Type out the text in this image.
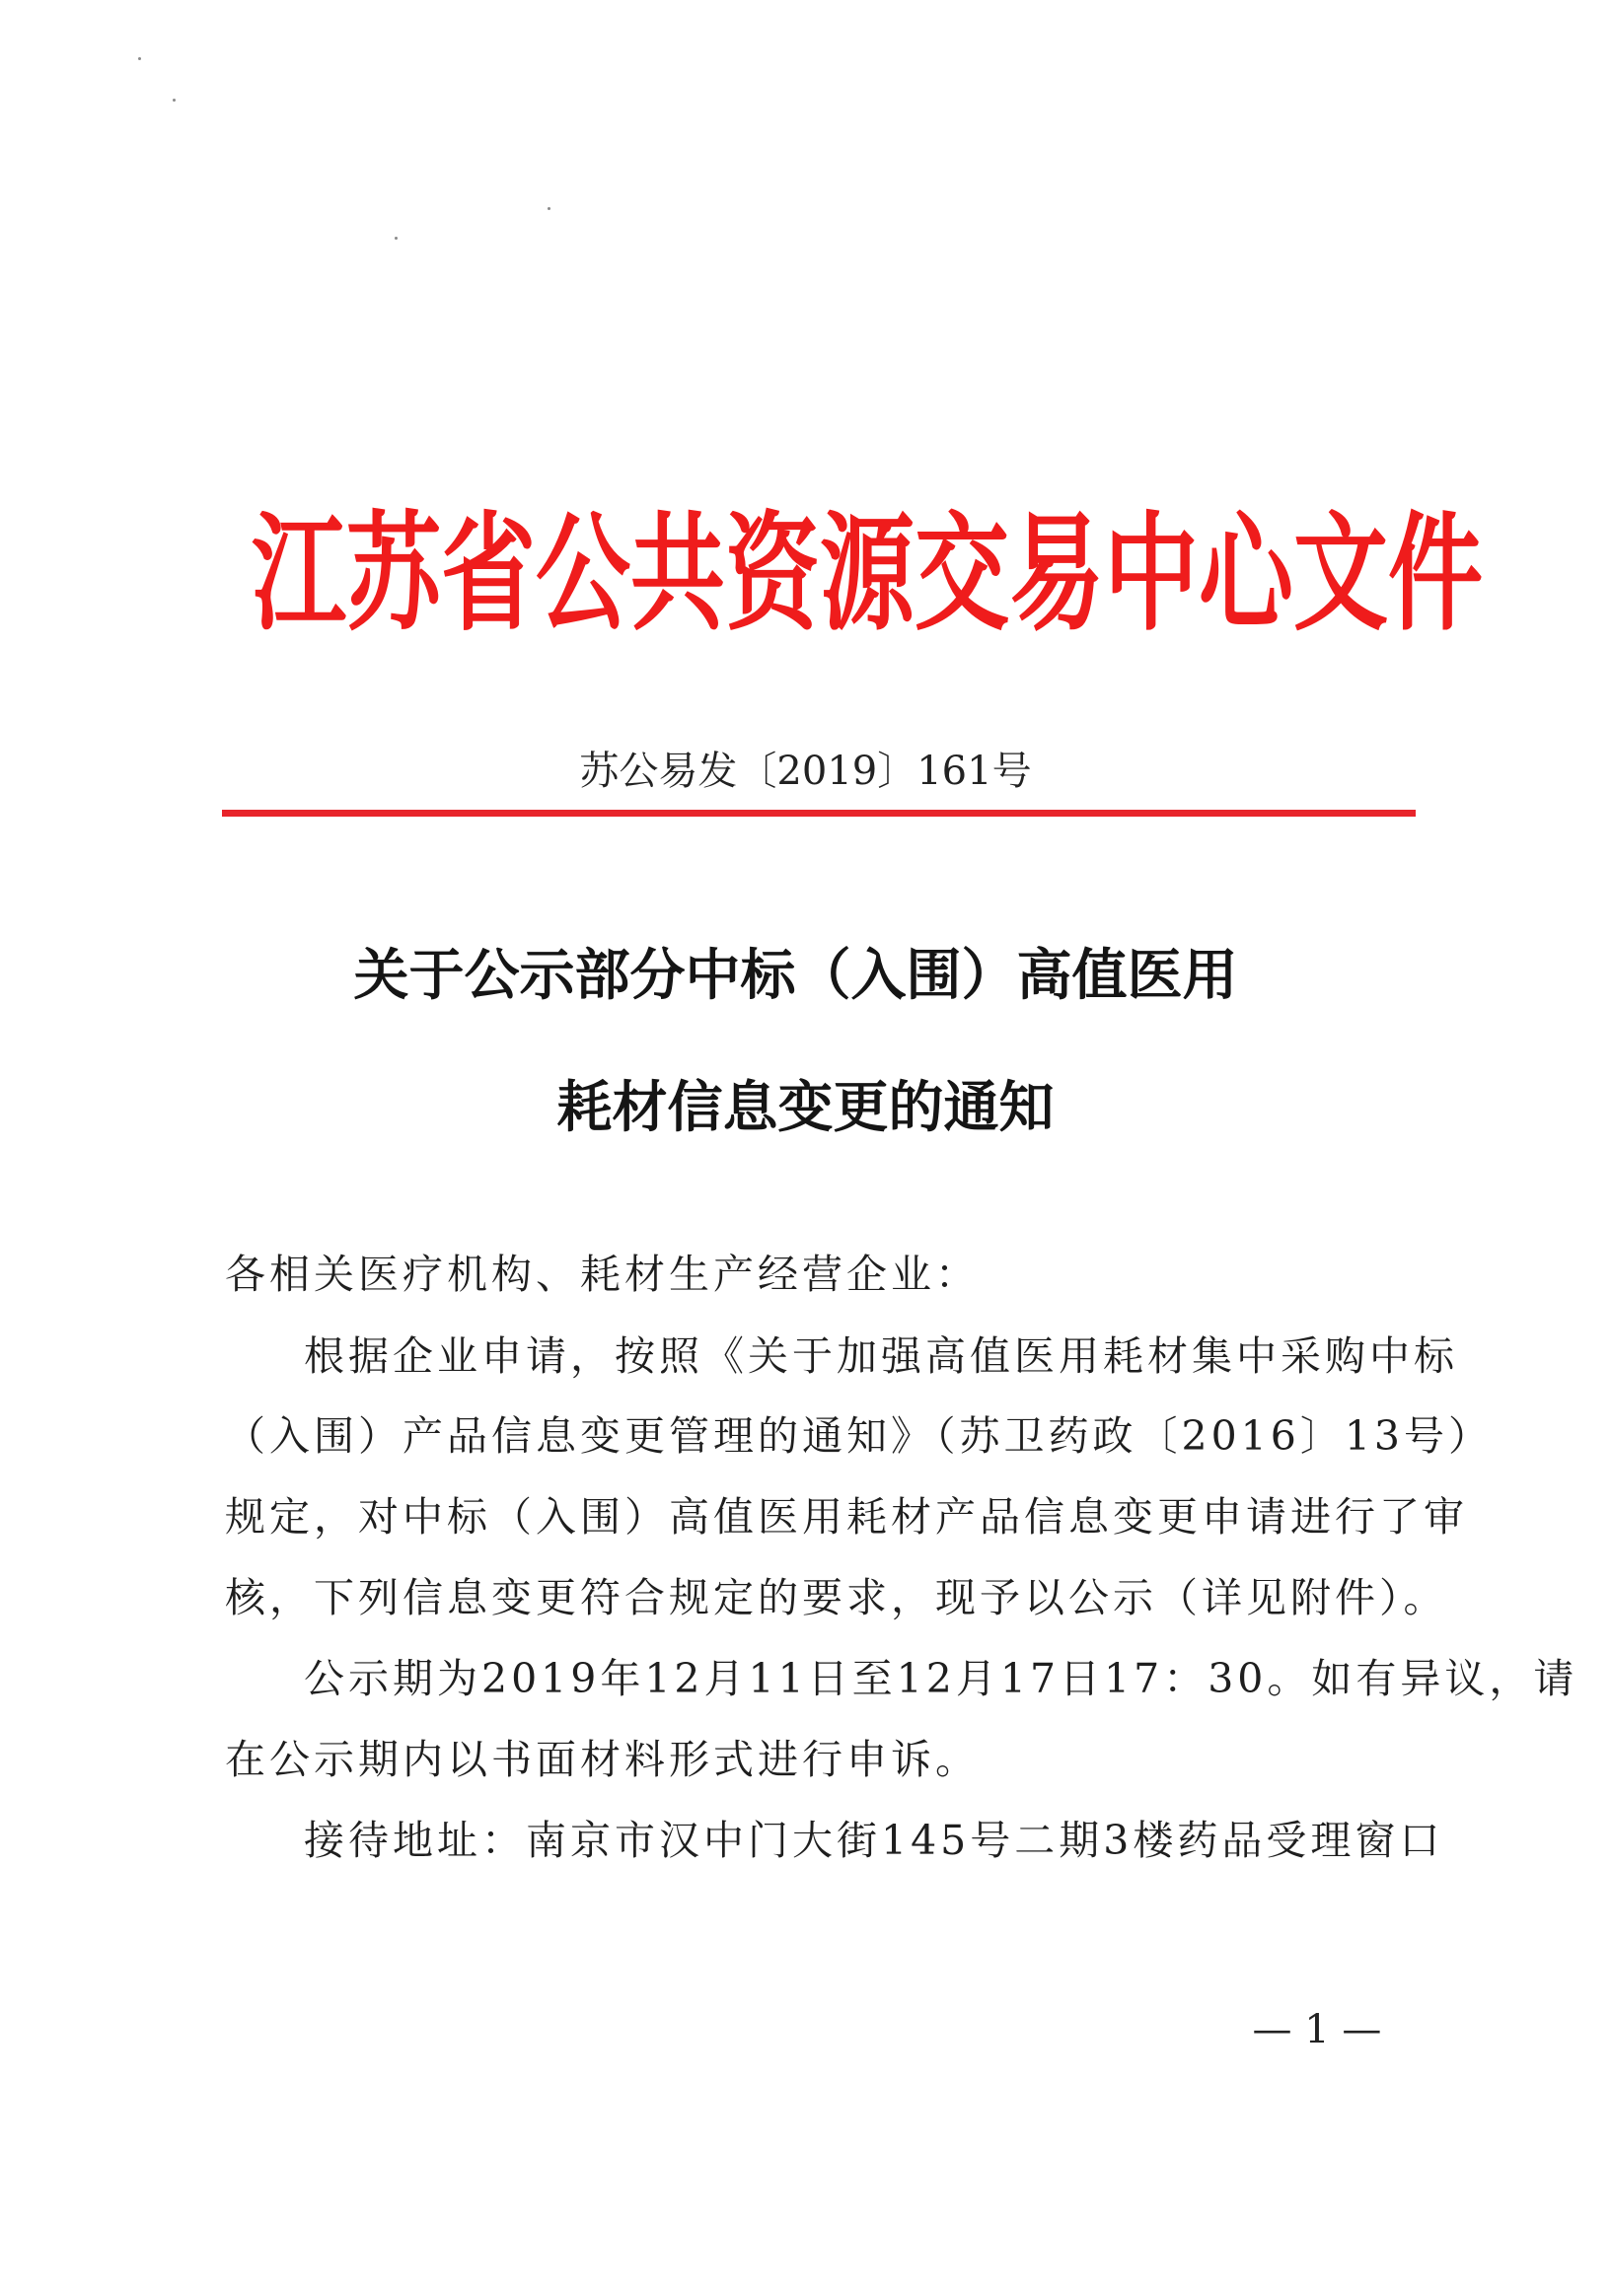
江苏省公共资源交易中心文件
苏公易发〔2019〕161号
关于公示部分中标（入围）高值医用
耗材信息变更的通知
各相关医疗机构、耗材生产经营企业：
根据企业申请，按照《关于加强高值医用耗材集中采购中标
（入围）产品信息变更管理的通知》（苏卫药政〔2016〕13号）
规定，对中标（入围）高值医用耗材产品信息变更申请进行了审
核，下列信息变更符合规定的要求，现予以公示（详见附件）。
公示期为2019年12月11日至12月17日17：30。如有异议，请
在公示期内以书面材料形式进行申诉。
接待地址：南京市汉中门大街145号二期3楼药品受理窗口
— 1 —
